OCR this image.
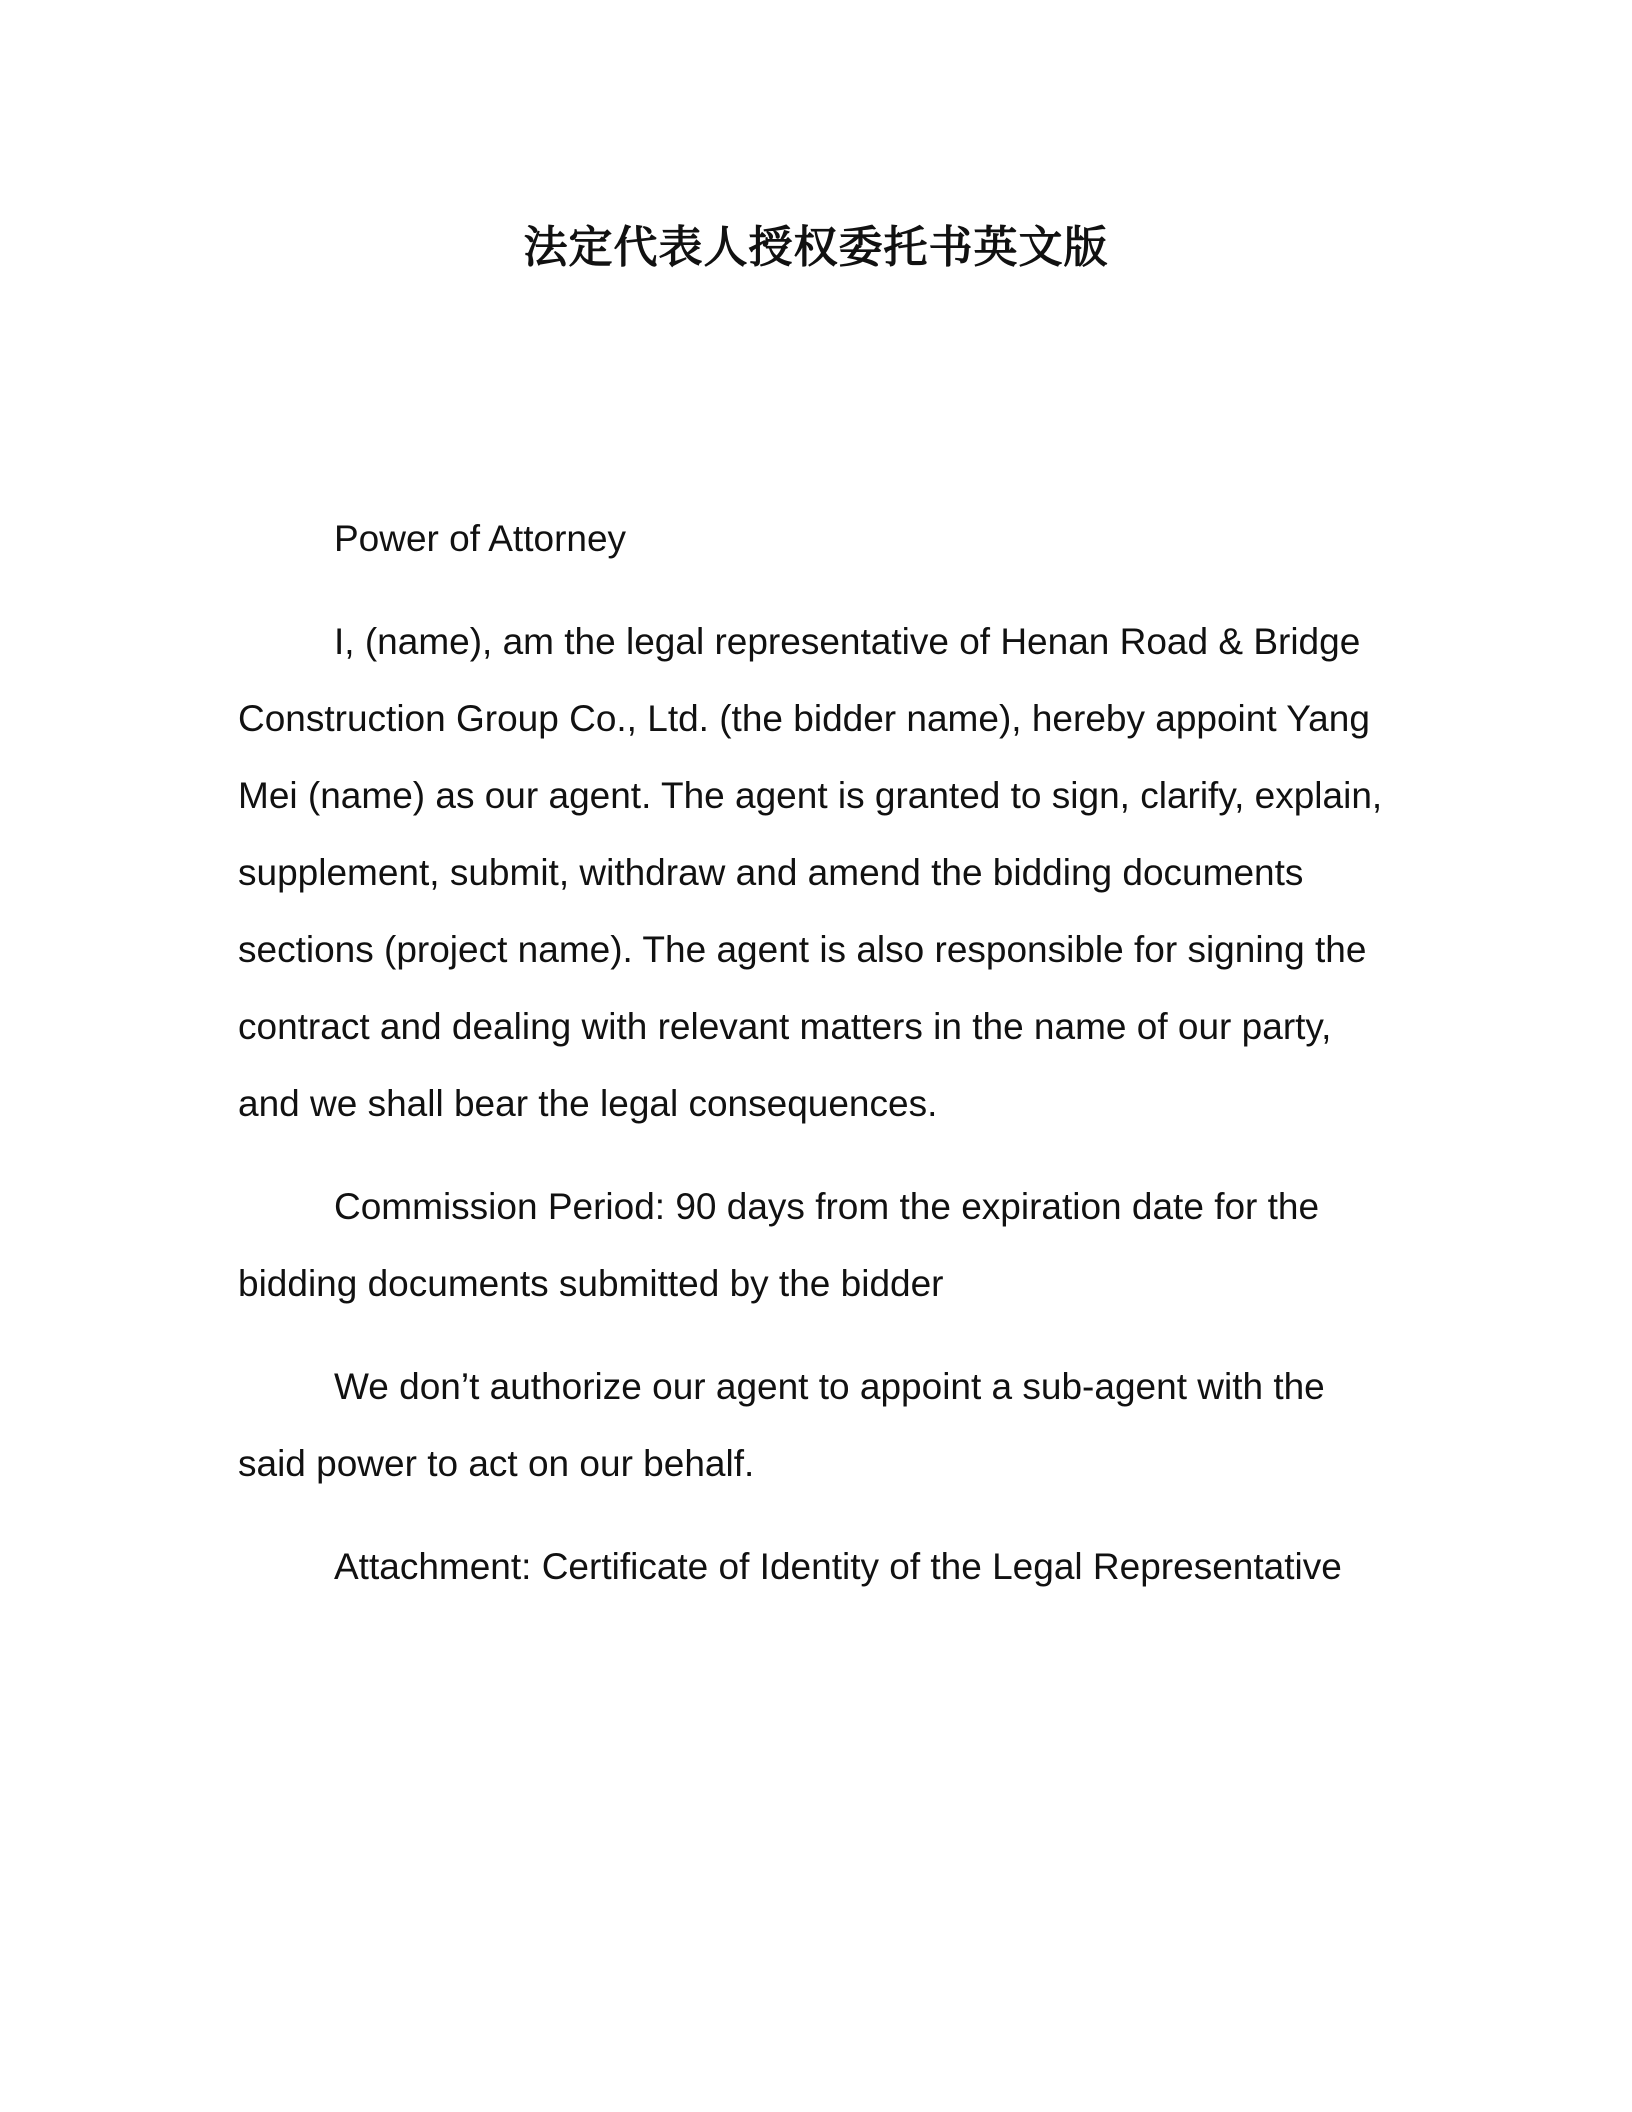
法定代表人授权委托书英文版

Power of Attorney

I, (name), am the legal representative of Henan Road & Bridge Construction Group Co., Ltd. (the bidder name), hereby appoint Yang Mei (name) as our agent. The agent is granted to sign, clarify, explain, supplement, submit, withdraw and amend the bidding documents sections (project name). The agent is also responsible for signing the contract and dealing with relevant matters in the name of our party, and we shall bear the legal consequences.

Commission Period: 90 days from the expiration date for the bidding documents submitted by the bidder

We don’t authorize our agent to appoint a sub-agent with the said power to act on our behalf.

Attachment: Certificate of Identity of the Legal Representative
